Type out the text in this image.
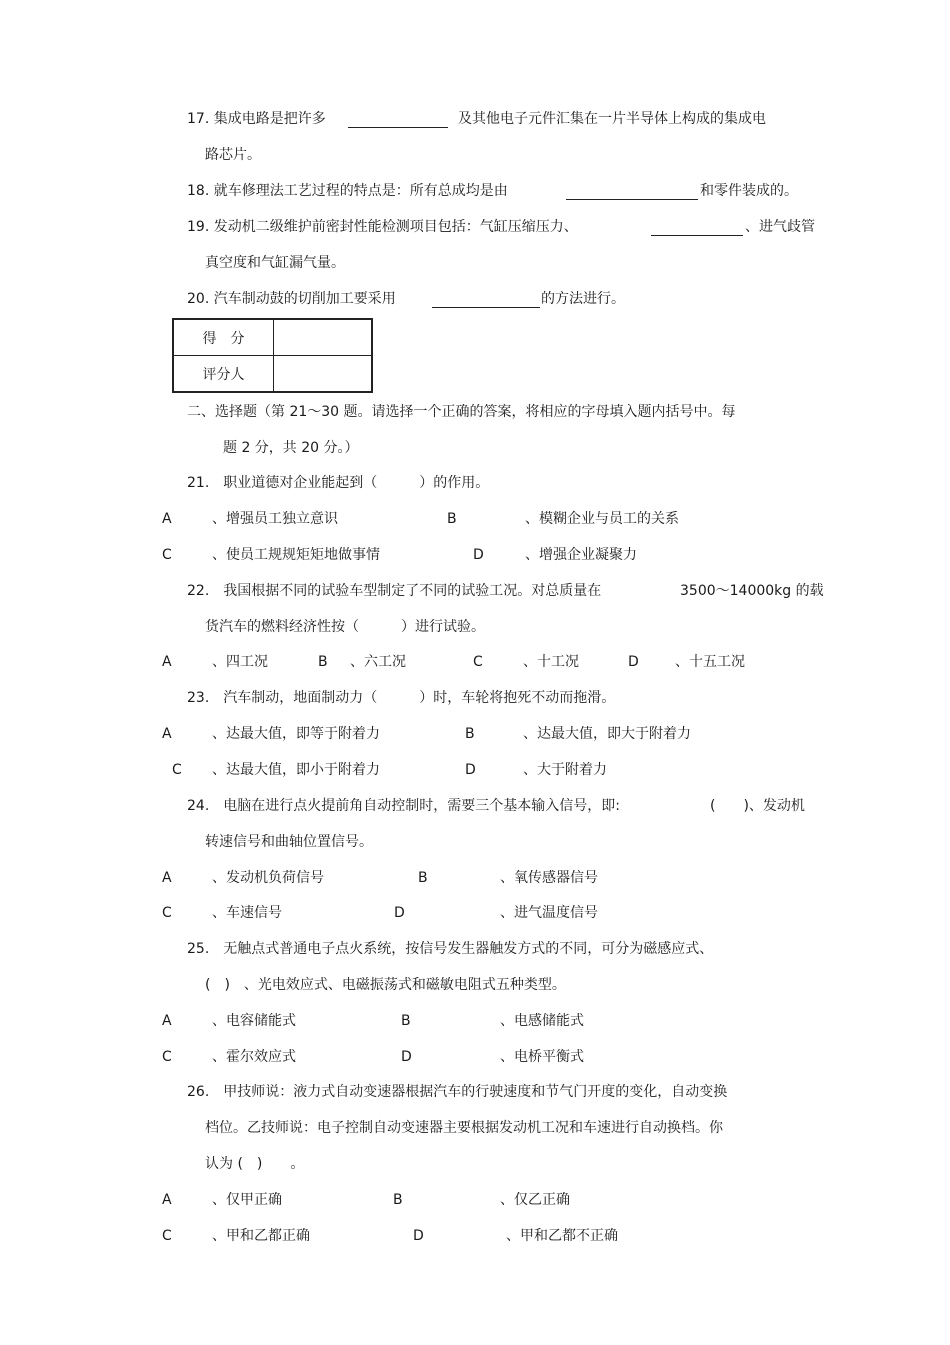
17. 集成电路是把许多	及其他电子元件汇集在一片半导体上构成的集成电
路芯片。
18. 就车修理法工艺过程的特点是：所有总成均是由	和零件装成的。
19. 发动机二级维护前密封性能检测项目包括：气缸压缩压力、	、进气歧管
真空度和气缸漏气量。
20. 汽车制动鼓的切削加工要采用	的方法进行。
得　分	
评分人	
二、选择题（第 21～30 题。请选择一个正确的答案，将相应的字母填入题内括号中。每
题 2 分，共 20 分。）
21.　职业道德对企业能起到（　　　）的作用。
A	、增强员工独立意识	B	、模糊企业与员工的关系
C	、使员工规规矩矩地做事情	D	、增强企业凝聚力
22.　我国根据不同的试验车型制定了不同的试验工况。对总质量在	3500～14000kg 的载
货汽车的燃料经济性按（　　　）进行试验。
A	、四工况	B 、六工况	C	、十工况	D	、十五工况
23.　汽车制动，地面制动力（　　　）时，车轮将抱死不动而拖滑。
A	、达最大值，即等于附着力	B	、达最大值，即大于附着力
C 、达最大值，即小于附着力	D	、大于附着力
24.　电脑在进行点火提前角自动控制时，需要三个基本输入信号，即:	(　　)、发动机
转速信号和曲轴位置信号。
A	、发动机负荷信号	B	、氧传感器信号
C	、车速信号	D	、进气温度信号
25.　无触点式普通电子点火系统，按信号发生器触发方式的不同，可分为磁感应式、
(　)　、光电效应式、电磁振荡式和磁敏电阻式五种类型。
A	、电容储能式	B	、电感储能式
C	、霍尔效应式	D	、电桥平衡式
26.　甲技师说：液力式自动变速器根据汽车的行驶速度和节气门开度的变化，自动变换
档位。乙技师说：电子控制自动变速器主要根据发动机工况和车速进行自动换档。你
认为 (　)　　。
A	、仅甲正确	B	、仅乙正确
C	、甲和乙都正确	D	、甲和乙都不正确
